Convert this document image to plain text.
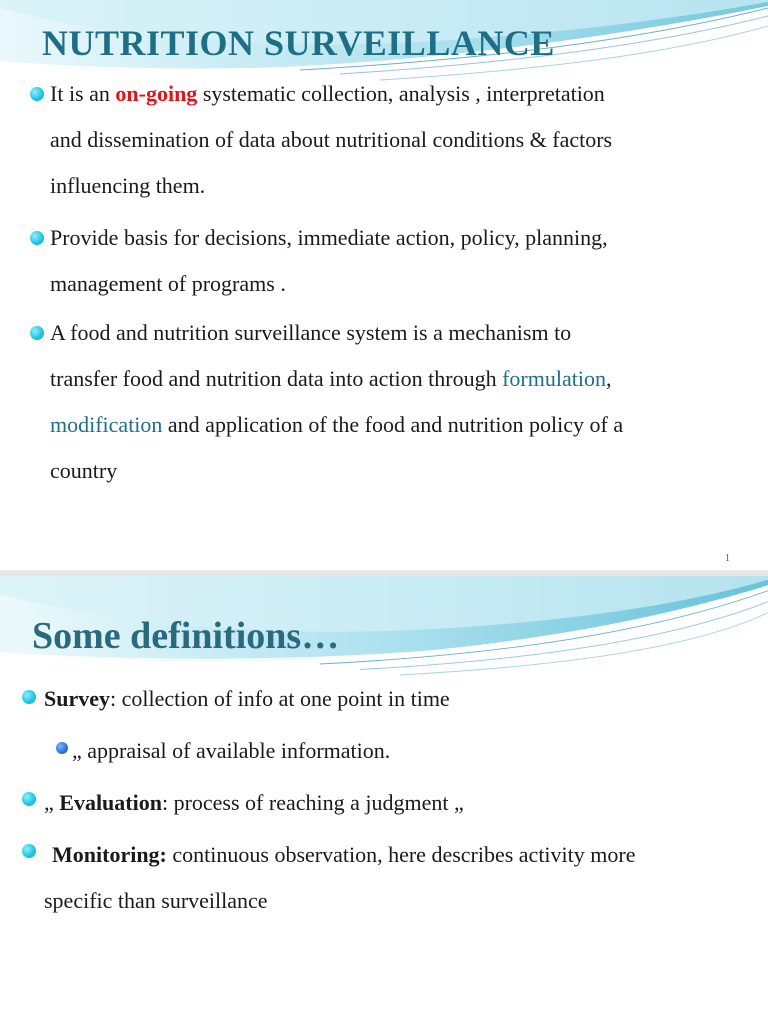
NUTRITION SURVEILLANCE
It is an on-going systematic collection, analysis , interpretation
and dissemination of data about nutritional conditions & factors
influencing them.
Provide basis for decisions, immediate action, policy, planning,
management of programs .
A food and nutrition surveillance system is a mechanism to
transfer food and nutrition data into action through formulation,
modification and application of the food and nutrition policy of a
country
1
Some definitions…
Survey: collection of info at one point in time
„ appraisal of available information.
„ Evaluation: process of reaching a judgment „
Monitoring: continuous observation, here describes activity more
specific than surveillance
